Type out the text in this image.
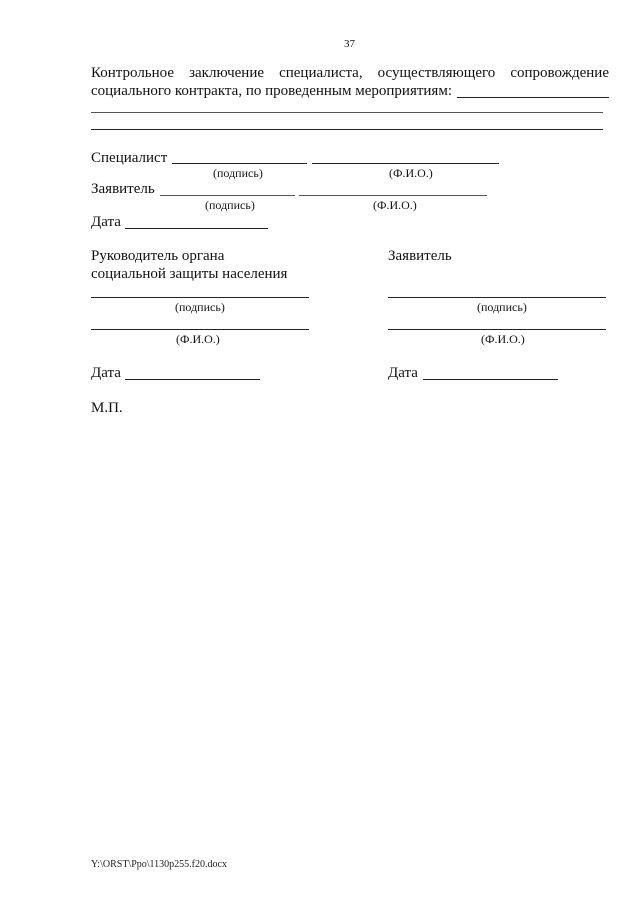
37
Контрольное заключение специалиста, осуществляющего сопровождение
социального контракта, по проведенным мероприятиям:
Специалист
(подпись)	(Ф.И.О.)
Заявитель
(подпись)	(Ф.И.О.)
Дата
Руководитель органа
социальной защиты населения
(подпись)
(Ф.И.О.)
Дата
Заявитель
(подпись)
(Ф.И.О.)
Дата
М.П.
Y:\ORST\Ppo\1130p255.f20.docx
